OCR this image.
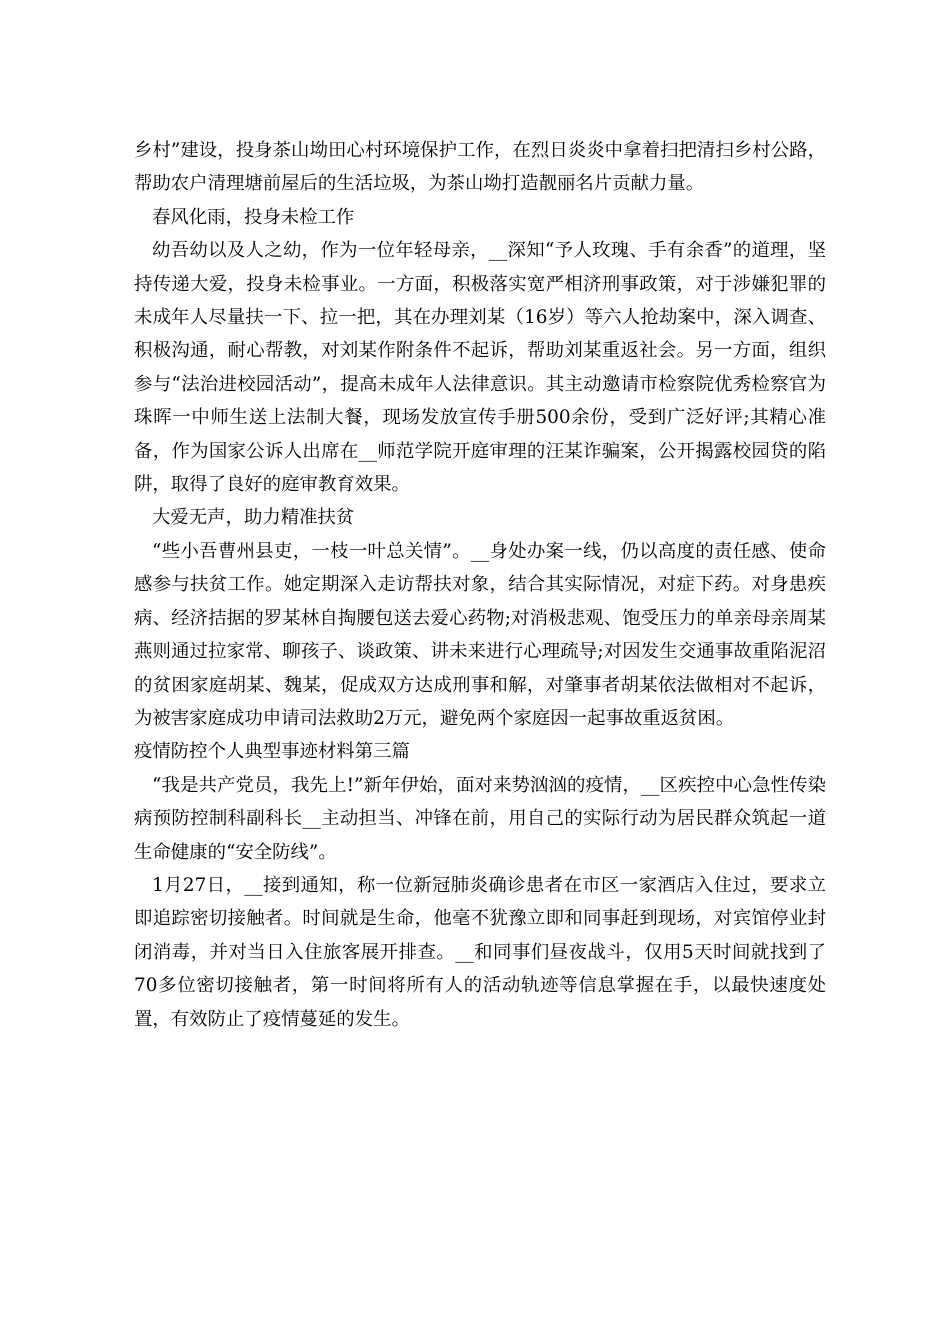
乡村”建设，投身茶山坳田心村环境保护工作，在烈日炎炎中拿着扫把清扫乡村公路，帮助农户清理塘前屋后的生活垃圾，为茶山坳打造靓丽名片贡献力量。

春风化雨，投身未检工作

幼吾幼以及人之幼，作为一位年轻母亲，__深知“予人玫瑰、手有余香”的道理，坚持传递大爱，投身未检事业。一方面，积极落实宽严相济刑事政策，对于涉嫌犯罪的未成年人尽量扶一下、拉一把，其在办理刘某（16岁）等六人抢劫案中，深入调查、积极沟通，耐心帮教，对刘某作附条件不起诉，帮助刘某重返社会。另一方面，组织参与“法治进校园活动”，提高未成年人法律意识。其主动邀请市检察院优秀检察官为珠晖一中师生送上法制大餐，现场发放宣传手册500余份，受到广泛好评;其精心准备，作为国家公诉人出席在__师范学院开庭审理的汪某诈骗案，公开揭露校园贷的陷阱，取得了良好的庭审教育效果。

大爱无声，助力精准扶贫

“些小吾曹州县吏，一枝一叶总关情”。__身处办案一线，仍以高度的责任感、使命感参与扶贫工作。她定期深入走访帮扶对象，结合其实际情况，对症下药。对身患疾病、经济拮据的罗某林自掏腰包送去爱心药物;对消极悲观、饱受压力的单亲母亲周某燕则通过拉家常、聊孩子、谈政策、讲未来进行心理疏导;对因发生交通事故重陷泥沼的贫困家庭胡某、魏某，促成双方达成刑事和解，对肇事者胡某依法做相对不起诉，为被害家庭成功申请司法救助2万元，避免两个家庭因一起事故重返贫困。

疫情防控个人典型事迹材料第三篇

“我是共产党员，我先上!”新年伊始，面对来势汹汹的疫情，__区疾控中心急性传染病预防控制科副科长__主动担当、冲锋在前，用自己的实际行动为居民群众筑起一道生命健康的“安全防线”。

1月27日，__接到通知，称一位新冠肺炎确诊患者在市区一家酒店入住过，要求立即追踪密切接触者。时间就是生命，他毫不犹豫立即和同事赶到现场，对宾馆停业封闭消毒，并对当日入住旅客展开排查。__和同事们昼夜战斗，仅用5天时间就找到了70多位密切接触者，第一时间将所有人的活动轨迹等信息掌握在手，以最快速度处置，有效防止了疫情蔓延的发生。
